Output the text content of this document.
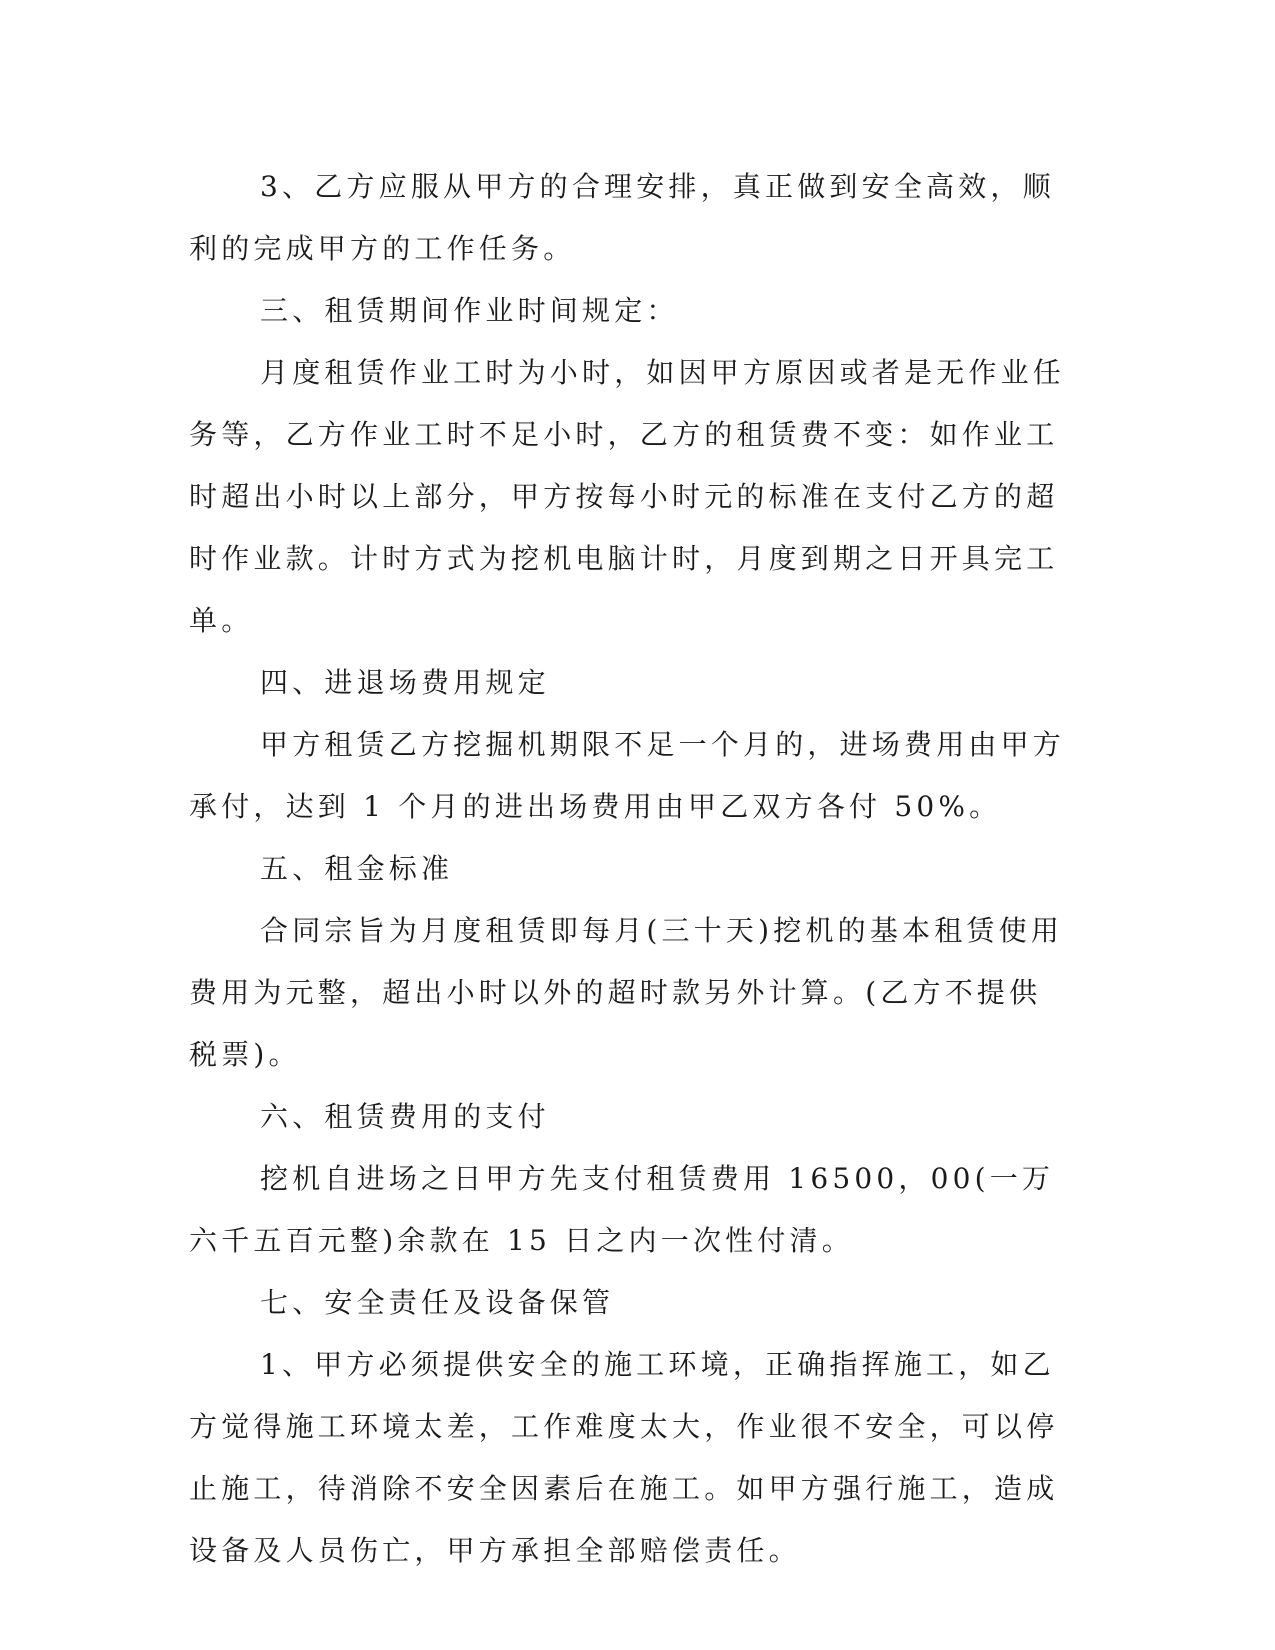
3、乙方应服从甲方的合理安排，真正做到安全高效，顺利的完成甲方的工作任务。

三、租赁期间作业时间规定：

月度租赁作业工时为小时，如因甲方原因或者是无作业任务等，乙方作业工时不足小时，乙方的租赁费不变：如作业工时超出小时以上部分，甲方按每小时元的标准在支付乙方的超时作业款。计时方式为挖机电脑计时，月度到期之日开具完工单。

四、进退场费用规定

甲方租赁乙方挖掘机期限不足一个月的，进场费用由甲方承付，达到 1 个月的进出场费用由甲乙双方各付 50%。

五、租金标准

合同宗旨为月度租赁即每月(三十天)挖机的基本租赁使用费用为元整，超出小时以外的超时款另外计算。(乙方不提供税票)。

六、租赁费用的支付

挖机自进场之日甲方先支付租赁费用 16500，00(一万六千五百元整)余款在 15 日之内一次性付清。

七、安全责任及设备保管

1、甲方必须提供安全的施工环境，正确指挥施工，如乙方觉得施工环境太差，工作难度太大，作业很不安全，可以停止施工，待消除不安全因素后在施工。如甲方强行施工，造成设备及人员伤亡，甲方承担全部赔偿责任。
